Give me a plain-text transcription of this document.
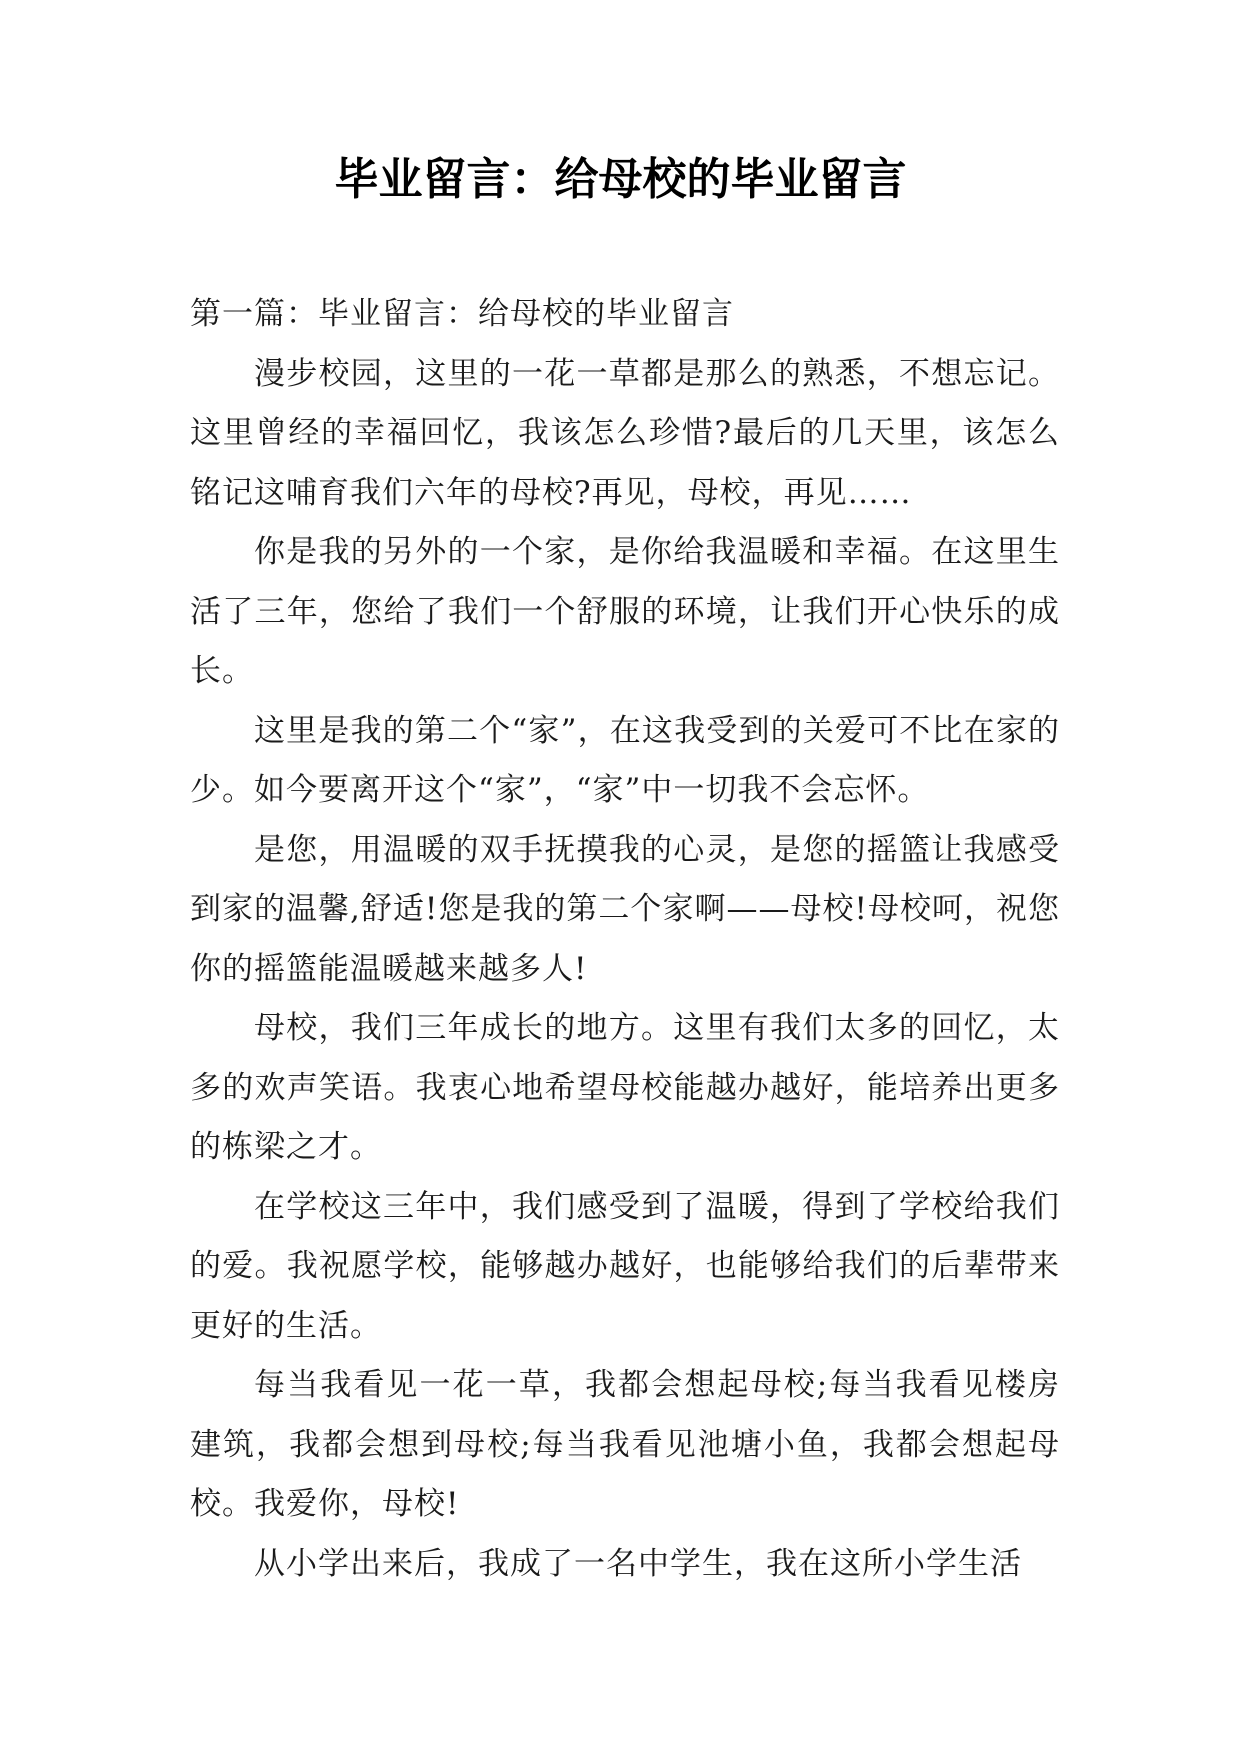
毕业留言：给母校的毕业留言

第一篇：毕业留言：给母校的毕业留言

漫步校园，这里的一花一草都是那么的熟悉，不想忘记。这里曾经的幸福回忆，我该怎么珍惜?最后的几天里，该怎么铭记这哺育我们六年的母校?再见，母校，再见……

你是我的另外的一个家，是你给我温暖和幸福。在这里生活了三年，您给了我们一个舒服的环境，让我们开心快乐的成长。

这里是我的第二个“家”，在这我受到的关爱可不比在家的少。如今要离开这个“家”，“家”中一切我不会忘怀。

是您，用温暖的双手抚摸我的心灵，是您的摇篮让我感受到家的温馨,舒适!您是我的第二个家啊——母校!母校呵，祝您你的摇篮能温暖越来越多人!

母校，我们三年成长的地方。这里有我们太多的回忆，太多的欢声笑语。我衷心地希望母校能越办越好，能培养出更多的栋梁之才。

在学校这三年中，我们感受到了温暖，得到了学校给我们的爱。我祝愿学校，能够越办越好，也能够给我们的后辈带来更好的生活。

每当我看见一花一草，我都会想起母校;每当我看见楼房建筑，我都会想到母校;每当我看见池塘小鱼，我都会想起母校。我爱你，母校!

从小学出来后，我成了一名中学生，我在这所小学生活
